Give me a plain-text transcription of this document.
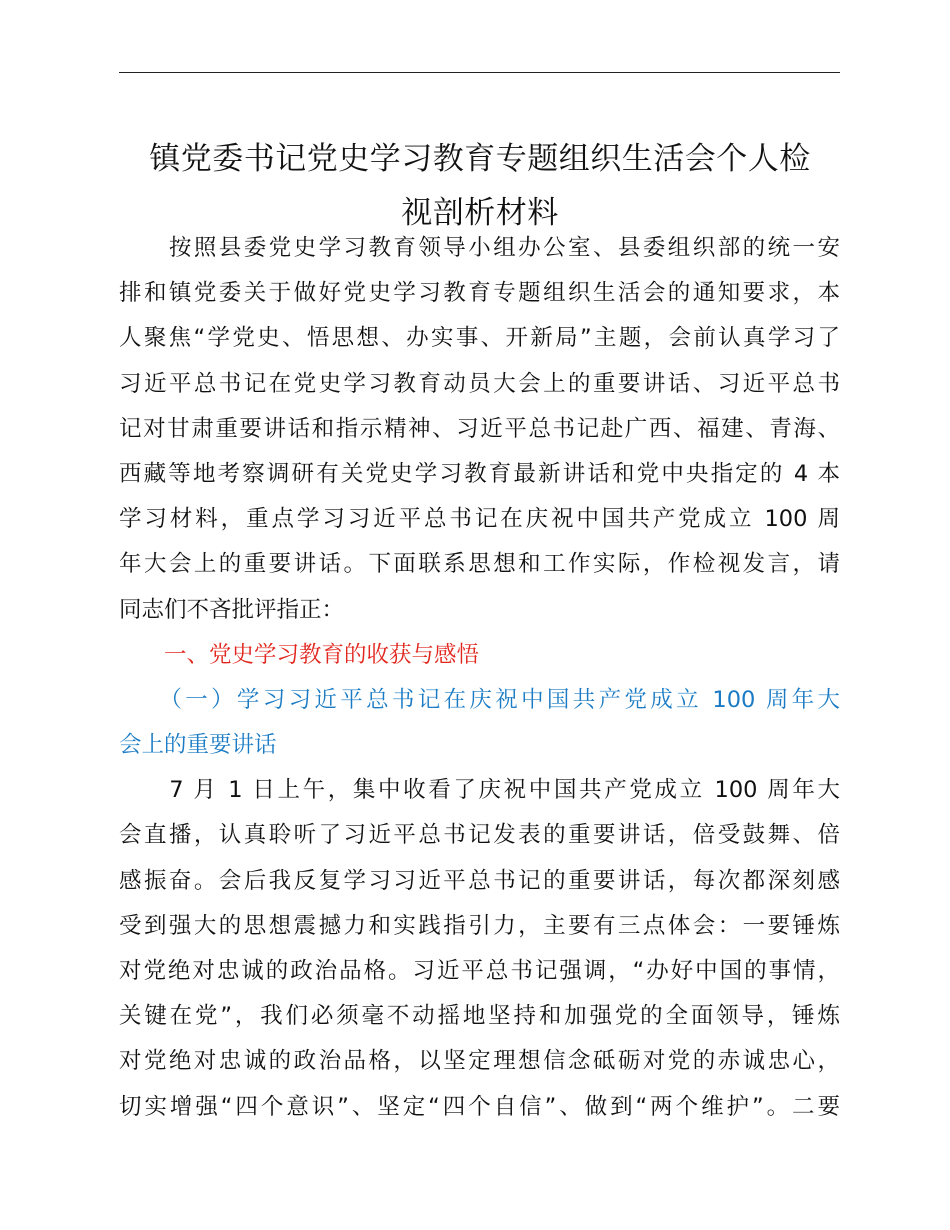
镇党委书记党史学习教育专题组织生活会个人检
视剖析材料
　　按照县委党史学习教育领导小组办公室、县委组织部的统一安
排和镇党委关于做好党史学习教育专题组织生活会的通知要求，本
人聚焦“学党史、悟思想、办实事、开新局”主题，会前认真学习了
习近平总书记在党史学习教育动员大会上的重要讲话、习近平总书
记对甘肃重要讲话和指示精神、习近平总书记赴广西、福建、青海、
西藏等地考察调研有关党史学习教育最新讲话和党中央指定的 4 本
学习材料，重点学习习近平总书记在庆祝中国共产党成立 100 周
年大会上的重要讲话。下面联系思想和工作实际，作检视发言，请
同志们不吝批评指正：
　　一、党史学习教育的收获与感悟
　　（一）学习习近平总书记在庆祝中国共产党成立 100 周年大
会上的重要讲话
　　7 月 1 日上午，集中收看了庆祝中国共产党成立 100 周年大
会直播，认真聆听了习近平总书记发表的重要讲话，倍受鼓舞、倍
感振奋。会后我反复学习习近平总书记的重要讲话，每次都深刻感
受到强大的思想震撼力和实践指引力，主要有三点体会：一要锤炼
对党绝对忠诚的政治品格。习近平总书记强调，“办好中国的事情，
关键在党”，我们必须毫不动摇地坚持和加强党的全面领导，锤炼
对党绝对忠诚的政治品格，以坚定理想信念砥砺对党的赤诚忠心，
切实增强“四个意识”、坚定“四个自信”、做到“两个维护”。二要
